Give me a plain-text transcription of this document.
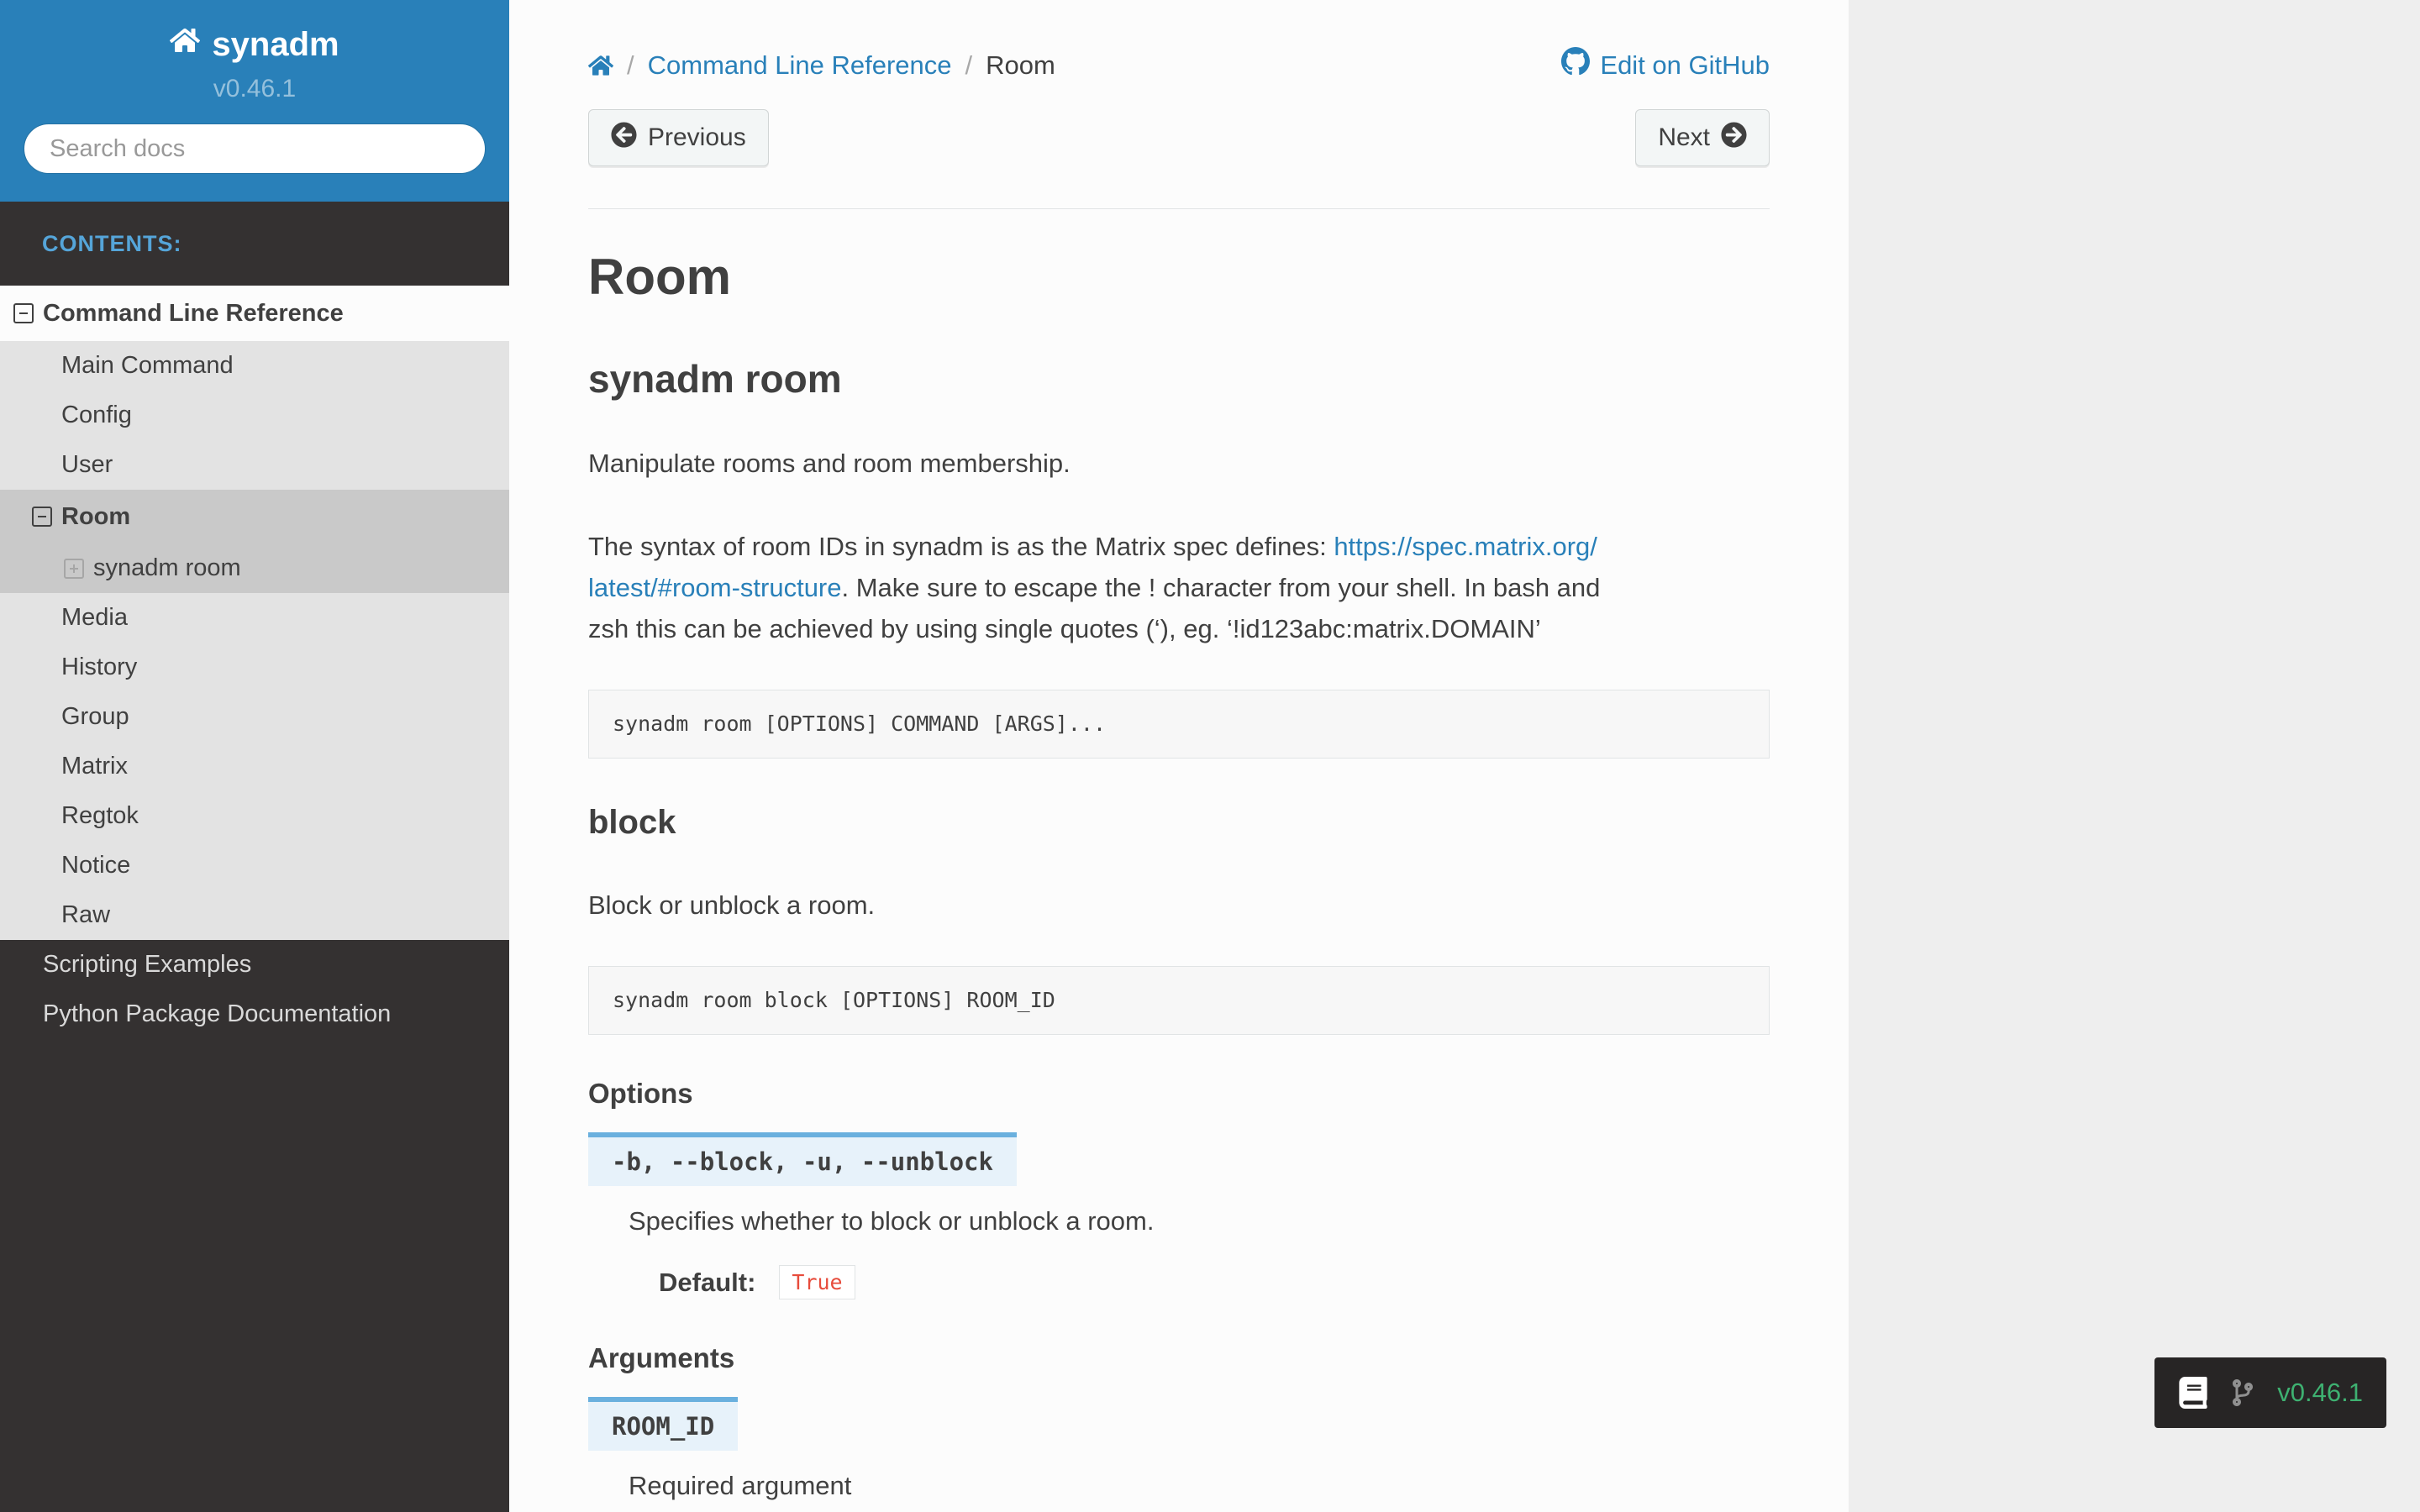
synadm
v0.46.1
Search docs
CONTENTS:
Command Line Reference
Main Command
Config
User
Room
synadm room
Media
History
Group
Matrix
Regtok
Notice
Raw
Scripting Examples
Python Package Documentation
/ Command Line Reference / Room	Edit on GitHub
Previous	Next
Room
synadm room

Manipulate rooms and room membership.

The syntax of room IDs in synadm is as the Matrix spec defines: https://spec.matrix.org/
latest/#room-structure. Make sure to escape the ! character from your shell. In bash and
zsh this can be achieved by using single quotes (‘), eg. ‘!id123abc:matrix.DOMAIN’

synadm room [OPTIONS] COMMAND [ARGS]...
block

Block or unblock a room.

synadm room block [OPTIONS] ROOM_ID
Options
-b, --block, -u, --unblock
Specifies whether to block or unblock a room.
Default:	True
Arguments
ROOM_ID
Required argument
v0.46.1
